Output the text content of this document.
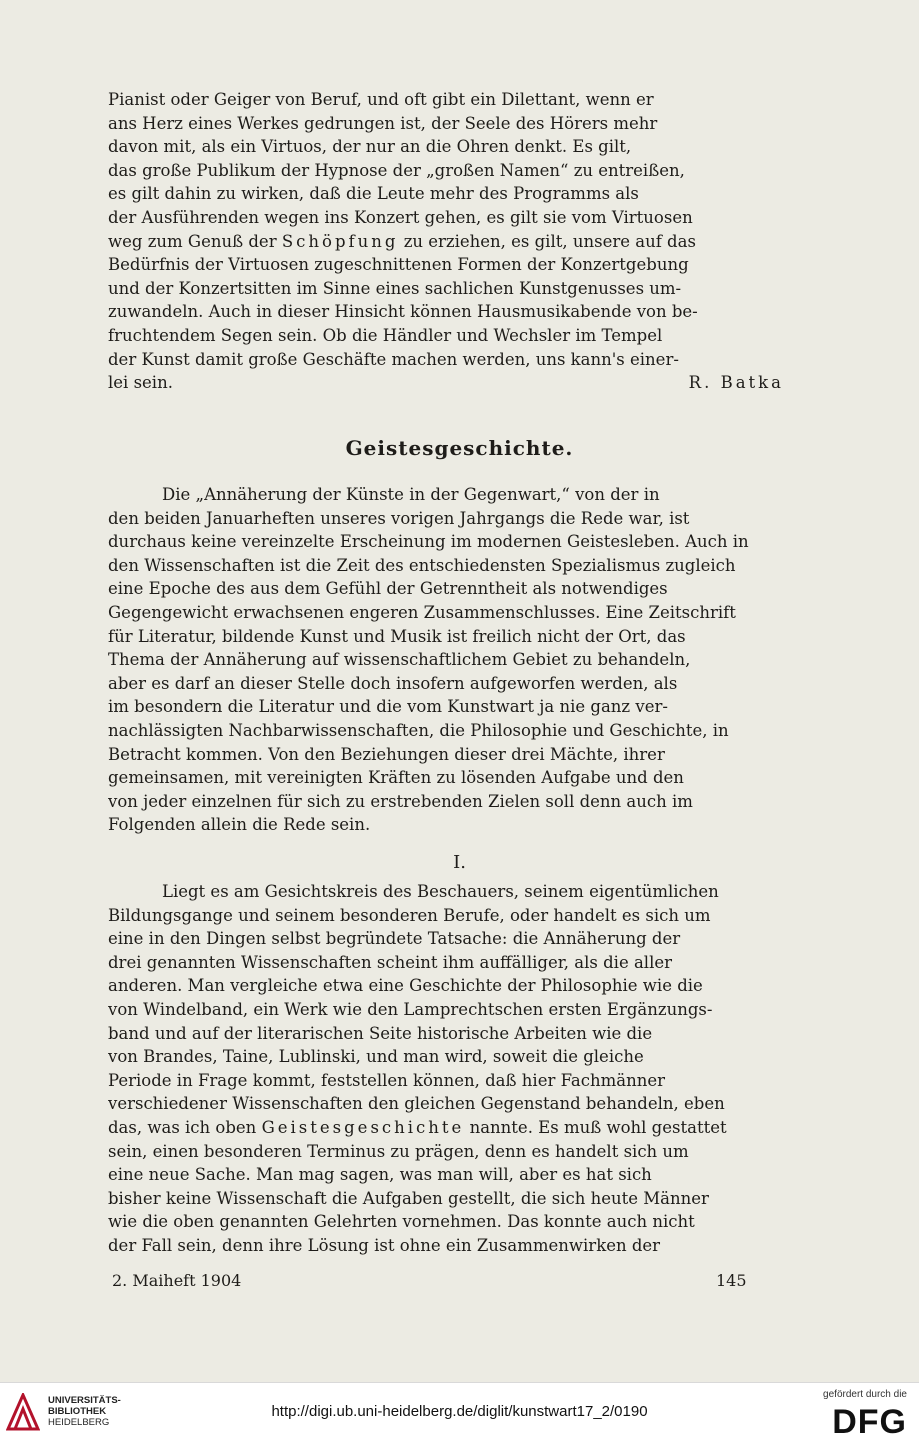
Pianist oder Geiger von Beruf, und oft gibt ein Dilettant, wenn er
ans Herz eines Werkes gedrungen ist, der Seele des Hörers mehr
davon mit, als ein Virtuos, der nur an die Ohren denkt. Es gilt,
das große Publikum der Hypnose der „großen Namen“ zu entreißen,
es gilt dahin zu wirken, daß die Leute mehr des Programms als
der Ausführenden wegen ins Konzert gehen, es gilt sie vom Virtuosen
weg zum Genuß der Schöpfung zu erziehen, es gilt, unsere auf das
Bedürfnis der Virtuosen zugeschnittenen Formen der Konzertgebung
und der Konzertsitten im Sinne eines sachlichen Kunstgenusses um-
zuwandeln. Auch in dieser Hinsicht können Hausmusikabende von be-
fruchtendem Segen sein. Ob die Händler und Wechsler im Tempel
der Kunst damit große Geschäfte machen werden, uns kann's einer-
lei sein.	R. Batka
Geistesgeschichte.
Die „Annäherung der Künste in der Gegenwart,“ von der in
den beiden Januarheften unseres vorigen Jahrgangs die Rede war, ist
durchaus keine vereinzelte Erscheinung im modernen Geistesleben. Auch in
den Wissenschaften ist die Zeit des entschiedensten Spezialismus zugleich
eine Epoche des aus dem Gefühl der Getrenntheit als notwendiges
Gegengewicht erwachsenen engeren Zusammenschlusses. Eine Zeitschrift
für Literatur, bildende Kunst und Musik ist freilich nicht der Ort, das
Thema der Annäherung auf wissenschaftlichem Gebiet zu behandeln,
aber es darf an dieser Stelle doch insofern aufgeworfen werden, als
im besondern die Literatur und die vom Kunstwart ja nie ganz ver-
nachlässigten Nachbarwissenschaften, die Philosophie und Geschichte, in
Betracht kommen. Von den Beziehungen dieser drei Mächte, ihrer
gemeinsamen, mit vereinigten Kräften zu lösenden Aufgabe und den
von jeder einzelnen für sich zu erstrebenden Zielen soll denn auch im
Folgenden allein die Rede sein.
I.
Liegt es am Gesichtskreis des Beschauers, seinem eigentümlichen
Bildungsgange und seinem besonderen Berufe, oder handelt es sich um
eine in den Dingen selbst begründete Tatsache: die Annäherung der
drei genannten Wissenschaften scheint ihm auffälliger, als die aller
anderen. Man vergleiche etwa eine Geschichte der Philosophie wie die
von Windelband, ein Werk wie den Lamprechtschen ersten Ergänzungs-
band und auf der literarischen Seite historische Arbeiten wie die
von Brandes, Taine, Lublinski, und man wird, soweit die gleiche
Periode in Frage kommt, feststellen können, daß hier Fachmänner
verschiedener Wissenschaften den gleichen Gegenstand behandeln, eben
das, was ich oben Geistesgeschichte nannte. Es muß wohl gestattet
sein, einen besonderen Terminus zu prägen, denn es handelt sich um
eine neue Sache. Man mag sagen, was man will, aber es hat sich
bisher keine Wissenschaft die Aufgaben gestellt, die sich heute Männer
wie die oben genannten Gelehrten vornehmen. Das konnte auch nicht
der Fall sein, denn ihre Lösung ist ohne ein Zusammenwirken der
2. Maiheft 1904	145
UNIVERSITÄTS-
BIBLIOTHEK
HEIDELBERG
http://digi.ub.uni-heidelberg.de/diglit/kunstwart17_2/0190
gefördert durch die
DFG
